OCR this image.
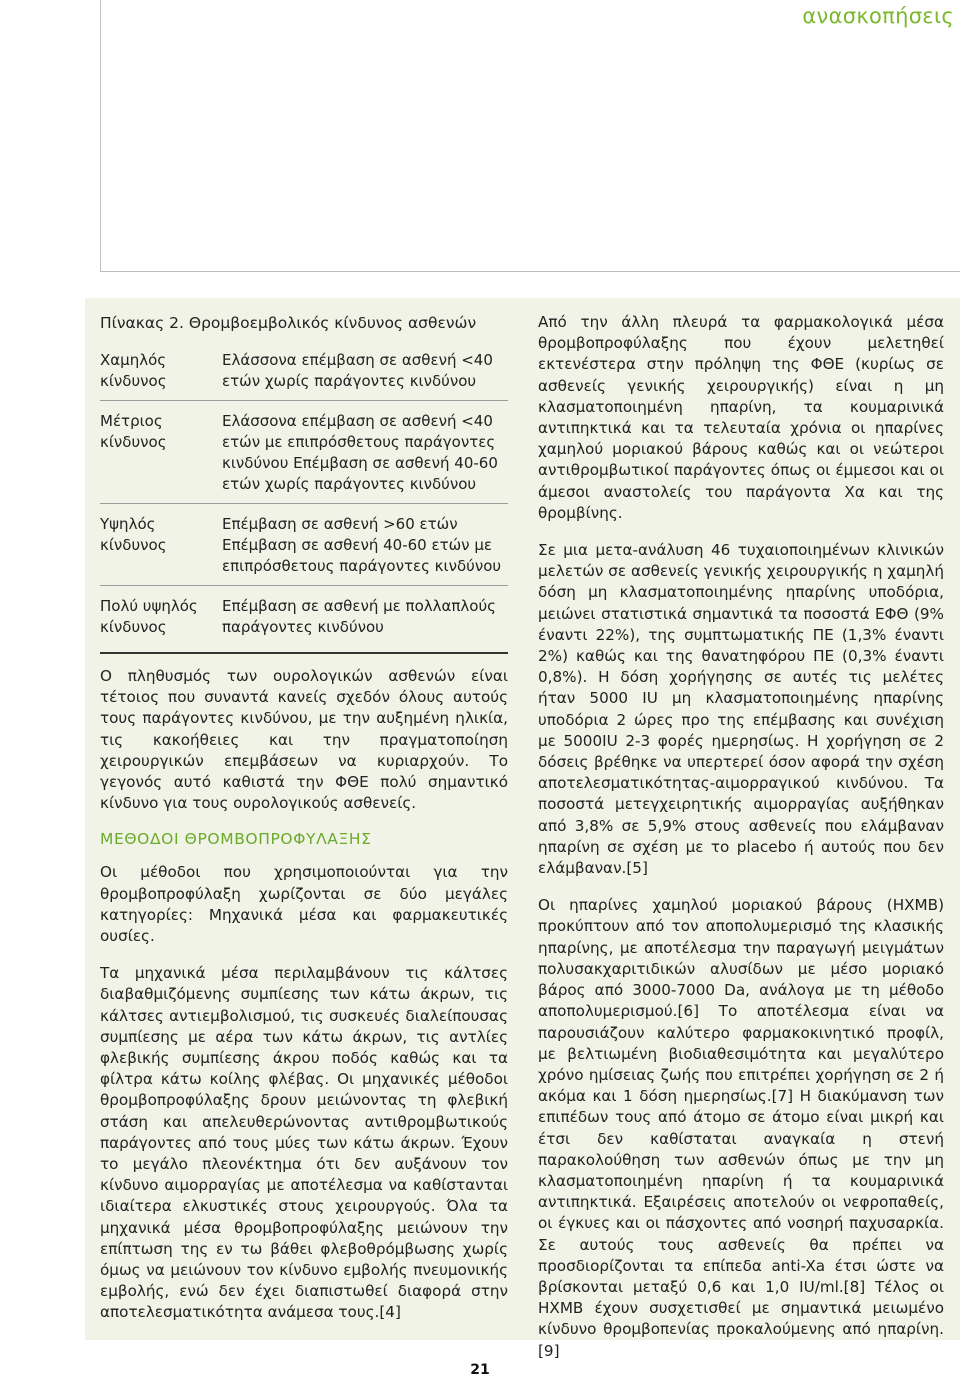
ανασκοπήσεις
Πίνακας 2. Θρομβοεμβολικός κίνδυνος ασθενών
Χαμηλός κίνδυνος
Ελάσσονα επέμβαση σε ασθενή <40 ετών χωρίς παράγοντες κινδύνου
Μέτριος κίνδυνος
Ελάσσονα επέμβαση σε ασθενή <40 ετών με επιπρόσθετους παράγοντες κινδύνου Επέμβαση σε ασθενή 40-60 ετών χωρίς παράγοντες κινδύνου
Υψηλός κίνδυνος
Επέμβαση σε ασθενή >60 ετών Επέμβαση σε ασθενή 40-60 ετών με επιπρόσθετους παράγοντες κινδύνου
Πολύ υψηλός κίνδυνος
Επέμβαση σε ασθενή με πολλαπλούς παράγοντες κινδύνου

Ο πληθυσμός των ουρολογικών ασθενών είναι τέτοιος που συναντά κανείς σχεδόν όλους αυτούς τους παράγοντες κινδύνου, με την αυξημένη ηλικία, τις κακοήθειες και την πραγματοποίηση χειρουργικών επεμβάσεων να κυριαρχούν. Το γεγονός αυτό καθιστά την ΦΘΕ πολύ σημαντικό κίνδυνο για τους ουρολογικούς ασθενείς.

ΜΕΘΟΔΟΙ ΘΡΟΜΒΟΠΡΟΦΥΛΑΞΗΣ

Οι μέθοδοι που χρησιμοποιούνται για την θρομβοπροφύλαξη χωρίζονται σε δύο μεγάλες κατηγορίες: Μηχανικά μέσα και φαρμακευτικές ουσίες.

Τα μηχανικά μέσα περιλαμβάνουν τις κάλτσες διαβαθμιζόμενης συμπίεσης των κάτω άκρων, τις κάλτσες αντιεμβολισμού, τις συσκευές διαλείπουσας συμπίεσης με αέρα των κάτω άκρων, τις αντλίες φλεβικής συμπίεσης άκρου ποδός καθώς και τα φίλτρα κάτω κοίλης φλέβας. Οι μηχανικές μέθοδοι θρομβοπροφύλαξης δρουν μειώνοντας τη φλεβική στάση και απελευθερώνοντας αντιθρομβωτικούς παράγοντες από τους μύες των κάτω άκρων. Έχουν το μεγάλο πλεονέκτημα ότι δεν αυξάνουν τον κίνδυνο αιμορραγίας με αποτέλεσμα να καθίστανται ιδιαίτερα ελκυστικές στους χειρουργούς. Όλα τα μηχανικά μέσα θρομβοπροφύλαξης μειώνουν την επίπτωση της εν τω βάθει φλεβοθρόμβωσης χωρίς όμως να μειώνουν τον κίνδυνο εμβολής πνευμονικής εμβολής, ενώ δεν έχει διαπιστωθεί διαφορά στην αποτελεσματικότητα ανάμεσα τους.[4]

Από την άλλη πλευρά τα φαρμακολογικά μέσα θρομβοπροφύλαξης που έχουν μελετηθεί εκτενέστερα στην πρόληψη της ΦΘΕ (κυρίως σε ασθενείς γενικής χειρουργικής) είναι η μη κλασματοποιημένη ηπαρίνη, τα κουμαρινικά αντιπηκτικά και τα τελευταία χρόνια οι ηπαρίνες χαμηλού μοριακού βάρους καθώς και οι νεώτεροι αντιθρομβωτικοί παράγοντες όπως οι έμμεσοι και οι άμεσοι αναστολείς του παράγοντα Χα και της θρομβίνης.

Σε μια μετα-ανάλυση 46 τυχαιοποιημένων κλινικών μελετών σε ασθενείς γενικής χειρουργικής η χαμηλή δόση μη κλασματοποιημένης ηπαρίνης υποδόρια, μειώνει στατιστικά σημαντικά τα ποσοστά ΕΦΘ (9% έναντι 22%), της συμπτωματικής ΠΕ (1,3% έναντι 2%) καθώς και της θανατηφόρου ΠΕ (0,3% έναντι 0,8%). Η δόση χορήγησης σε αυτές τις μελέτες ήταν 5000 IU μη κλασματοποιημένης ηπαρίνης υποδόρια 2 ώρες προ της επέμβασης και συνέχιση με 5000IU 2-3 φορές ημερησίως. Η χορήγηση σε 2 δόσεις βρέθηκε να υπερτερεί όσον αφορά την σχέση αποτελεσματικότητας-αιμορραγικού κινδύνου. Τα ποσοστά μετεγχειρητικής αιμορραγίας αυξήθηκαν από 3,8% σε 5,9% στους ασθενείς που ελάμβαναν ηπαρίνη σε σχέση με το placebo ή αυτούς που δεν ελάμβαναν.[5]

Οι ηπαρίνες χαμηλού μοριακού βάρους (ΗΧΜΒ) προκύπτουν από τον αποπολυμερισμό της κλασικής ηπαρίνης, με αποτέλεσμα την παραγωγή μειγμάτων πολυσακχαριτιδικών αλυσίδων με μέσο μοριακό βάρος από 3000-7000 Da, ανάλογα με τη μέθοδο αποπολυμερισμού.[6] Το αποτέλεσμα είναι να παρουσιάζουν καλύτερο φαρμακοκινητικό προφίλ, με βελτιωμένη βιοδιαθεσιμότητα και μεγαλύτερο χρόνο ημίσειας ζωής που επιτρέπει χορήγηση σε 2 ή ακόμα και 1 δόση ημερησίως.[7] Η διακύμανση των επιπέδων τους από άτομο σε άτομο είναι μικρή και έτσι δεν καθίσταται αναγκαία η στενή παρακολούθηση των ασθενών όπως με την μη κλασματοποιημένη ηπαρίνη ή τα κουμαρινικά αντιπηκτικά. Εξαιρέσεις αποτελούν οι νεφροπαθείς, οι έγκυες και οι πάσχοντες από νοσηρή παχυσαρκία. Σε αυτούς τους ασθενείς θα πρέπει να προσδιορίζονται τα επίπεδα anti-Xa έτσι ώστε να βρίσκονται μεταξύ 0,6 και 1,0 IU/ml.[8] Τέλος οι ΗΧΜΒ έχουν συσχετισθεί με σημαντικά μειωμένο κίνδυνο θρομβοπενίας προκαλούμενης από ηπαρίνη.[9]

21
